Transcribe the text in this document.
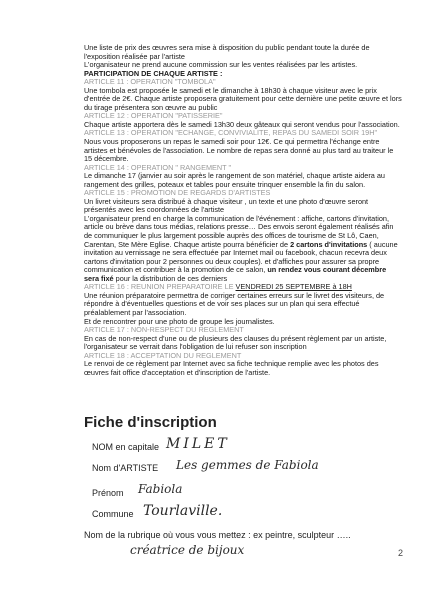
Une liste de prix des œuvres sera mise à disposition du public pendant toute la durée de l'exposition réalisée par l'artiste

L'organisateur ne prend aucune commission sur les ventes réalisées par les artistes.

PARTICIPATION DE CHAQUE ARTISTE :

ARTICLE 11 : OPERATION "TOMBOLA"

Une tombola est proposée le samedi et le dimanche à 18h30 à chaque visiteur avec le prix d'entrée de 2€. Chaque artiste proposera gratuitement pour cette dernière une petite œuvre et lors du tirage présentera son œuvre au public

ARTICLE 12 : OPERATION "PATISSERIE"

Chaque artiste apportera dès le samedi 13h30 deux gâteaux qui seront vendus pour l'association.

ARTICLE 13 : OPERATION "ECHANGE, CONVIVIALITE, REPAS DU SAMEDI SOIR 19H"

Nous vous proposerons un repas le samedi soir pour 12€. Ce qui permettra l'échange entre artistes et bénévoles de l'association. Le nombre de repas sera donné au plus tard au traiteur le 15 décembre.

ARTICLE 14 : OPERATION " RANGEMENT "

Le dimanche 17 (janvier au soir après le rangement de son matériel, chaque artiste aidera au rangement des grilles, poteaux et tables pour ensuite trinquer ensemble la fin du salon.

ARTICLE 15 : PROMOTION DE REGARDS D'ARTISTES

Un livret visiteurs sera distribué à chaque visiteur , un texte et une photo d'œuvre seront présentés avec les coordonnées de l'artiste

L'organisateur prend en charge la communication de l'événement : affiche, cartons d'invitation, article ou brève dans tous médias, relations presse… Des envois seront également réalisés afin de communiquer le plus largement possible auprès des offices de tourisme de St Lô, Caen, Carentan, Ste Mère Eglise. Chaque artiste pourra bénéficier de 2 cartons d'invitations ( aucune invitation au vernissage ne sera effectuée par Internet mail ou facebook, chacun recevra deux cartons d'invitation pour 2 personnes ou deux couples). et d'affiches pour assurer sa propre communication et contribuer à la promotion de ce salon, un rendez vous courant décembre sera fixé pour la distribution de ces derniers

ARTICLE 16 : REUNION PREPARATOIRE LE VENDREDI 25 SEPTEMBRE à 18H

Une réunion préparatoire permettra de corriger certaines erreurs sur le livret des visiteurs, de répondre à d'éventuelles questions et de voir ses places sur un plan qui sera effectué préalablement par l'association.

Et de rencontrer pour une photo de groupe les journalistes.

ARTICLE 17 : NON-RESPECT DU REGLEMENT

En cas de non-respect d'une ou de plusieurs des clauses du présent règlement par un artiste, l'organisateur se verrait dans l'obligation de lui refuser son inscription

ARTICLE 18 : ACCEPTATION DU REGLEMENT

Le renvoi de ce règlement par Internet avec sa fiche technique remplie avec les photos des œuvres fait office d'acceptation et d'inscription de l'artiste.

Fiche d'inscription
NOM en capitale MILET
Nom d'ARTISTE Les gemmes de Fabiola
Prénom Fabiola
Commune Tourlaville.
Nom de la rubrique où vous vous mettez : ex peintre, sculpteur …..
créatrice de bijoux	2
